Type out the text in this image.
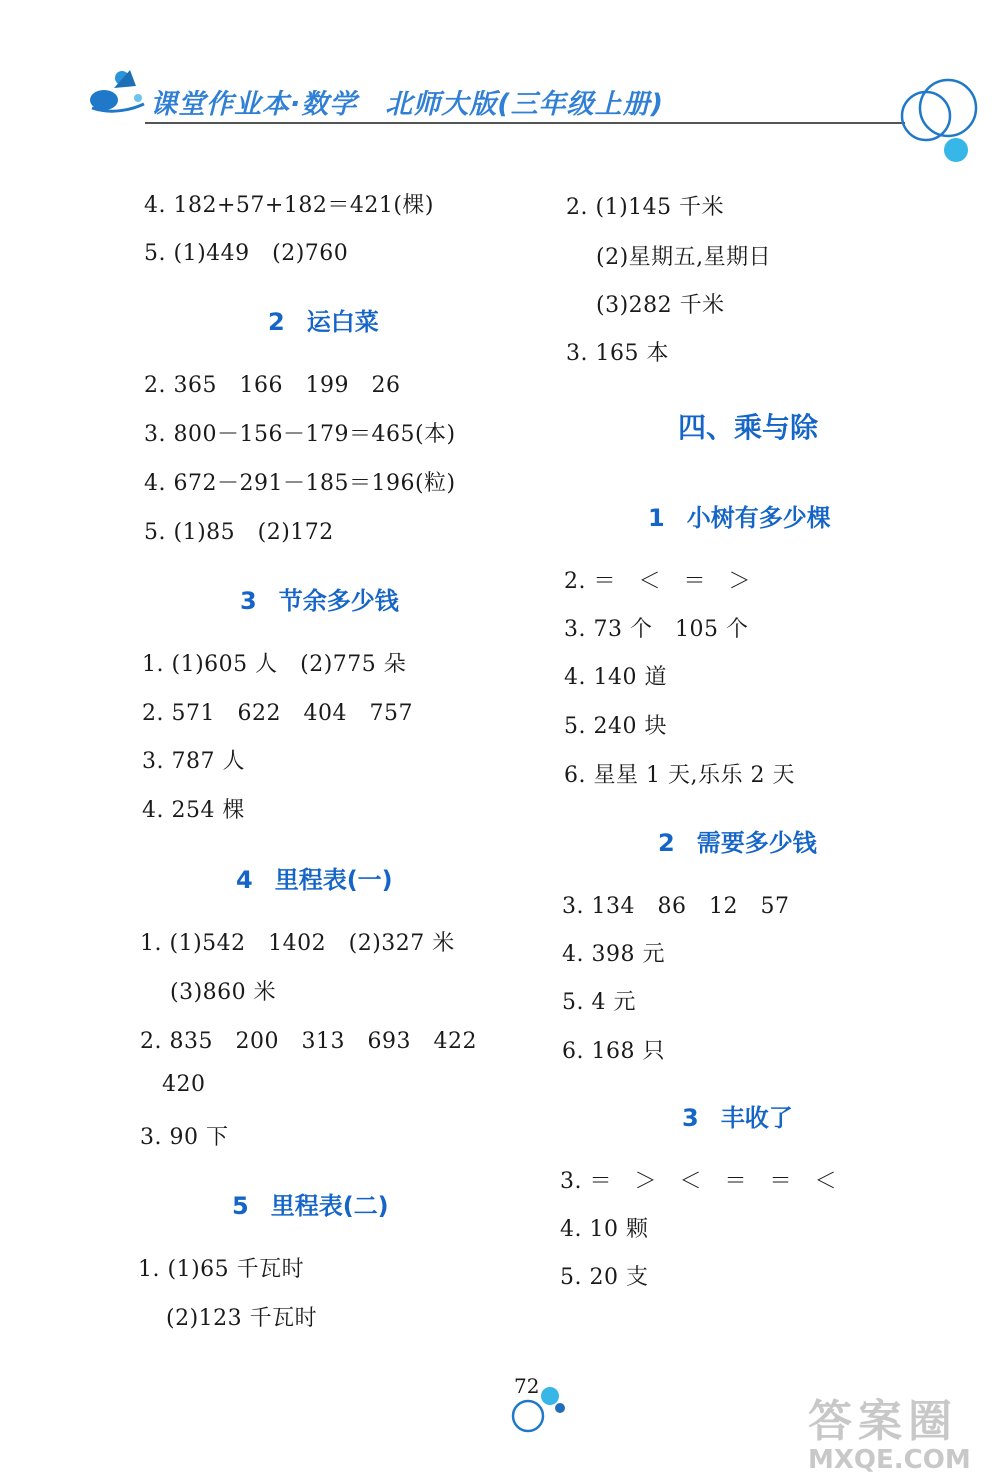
课堂作业本·数学　北师大版(三年级上册)
4. 182+57+182＝421(棵)
5. (1)449　(2)760
2 运白菜
2. 365　166　199　26
3. 800－156－179＝465(本)
4. 672－291－185＝196(粒)
5. (1)85　(2)172
3 节余多少钱
1. (1)605 人　(2)775 朵
2. 571　622　404　757
3. 787 人
4. 254 棵
4 里程表(一)
1. (1)542　1402　(2)327 米
(3)860 米
2. 835　200　313　693　422
420
3. 90 下
5 里程表(二)
1. (1)65 千瓦时
(2)123 千瓦时
2. (1)145 千米
(2)星期五,星期日
(3)282 千米
3. 165 本
四、乘与除
1 小树有多少棵
2. ＝　＜　＝　＞
3. 73 个　105 个
4. 140 道
5. 240 块
6. 星星 1 天,乐乐 2 天
2 需要多少钱
3. 134　86　12　57
4. 398 元
5. 4 元
6. 168 只
3 丰收了
3. ＝　＞　＜　＝　＝　＜
4. 10 颗
5. 20 支
72
答案圈
MXQE.COM
